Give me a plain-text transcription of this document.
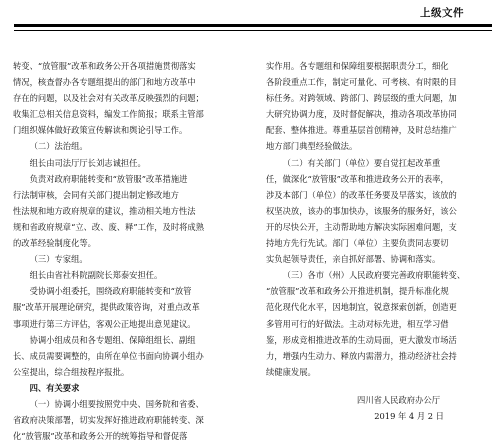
上级文件

转变、“放管服”改革和政务公开各项措施贯彻落实

情况，核查督办各专题组提出的部门和地方改革中

存在的问题，以及社会对有关改革反映强烈的问题；

收集汇总相关信息资料，编发工作简报；联系主管部

门组织媒体做好政策宣传解读和舆论引导工作。

（二）法治组。

组长由司法厅厅长刘志诚担任。

负责对政府职能转变和“放管服”改革措施进

行法制审核，会同有关部门提出制定修改地方

性法规和地方政府规章的建议，推动相关地方性法

规和省政府规章“立、改、废、释”工作，及时将成熟

的改革经验制度化等。

（三）专家组。

组长由省社科院副院长郑泰安担任。

受协调小组委托，围绕政府职能转变和“放管

服”改革开展理论研究，提供政策咨询，对重点改革

事项进行第三方评估，客观公正地提出意见建议。

协调小组成员和各专题组、保障组组长、副组

长、成员需要调整的，由所在单位书面向协调小组办

公室提出，综合组按程序报批。

四、有关要求

（一）协调小组要按照党中央、国务院和省委、

省政府决策部署，切实发挥好推进政府职能转变、深

化“放管服”改革和政务公开的统筹指导和督促落

实作用。各专题组和保障组要根据职责分工，细化

各阶段重点工作，制定可量化、可考核、有时限的目

标任务。对跨领域、跨部门、跨层级的重大问题，加

大研究协调力度，及时督促解决，推动各项改革协同

配套、整体推进。尊重基层首创精神，及时总结推广

地方部门典型经验做法。

（二）有关部门（单位）要自觉扛起改革重

任，做深化“放管服”改革和推进政务公开的表率，

涉及本部门（单位）的改革任务要及早落实，该放的

权坚决放，该办的事加快办，该服务的服务好，该公

开的尽快公开，主动帮助地方解决实际困难问题，支

持地方先行先试。部门（单位）主要负责同志要切

实负起领导责任，亲自抓好部署、协调和落实。

（三）各市（州）人民政府要完善政府职能转变、

“放管服”改革和政务公开推进机制，提升标准化规

范化现代化水平，因地制宜，锐意探索创新，创造更

多管用可行的好做法。主动对标先进，相互学习借

鉴，形成竞相推进改革的生动局面，更大激发市场活

力，增强内生动力、释放内需潜力，推动经济社会持

续健康发展。

四川省人民政府办公厅
2019 年 4 月 2 日
